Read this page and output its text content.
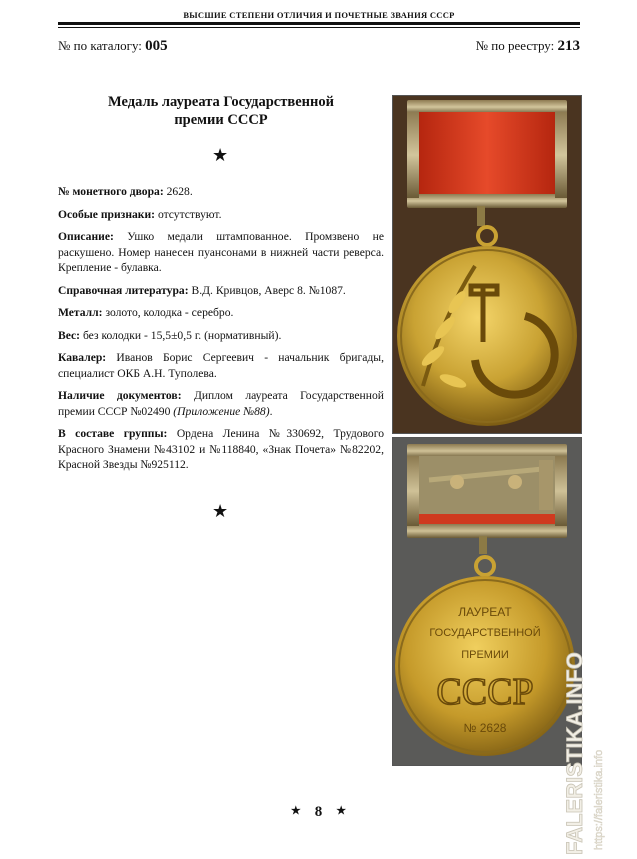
ВЫСШИЕ СТЕПЕНИ ОТЛИЧИЯ И ПОЧЕТНЫЕ ЗВАНИЯ СССР
№ по каталогу: 005	№ по реестру: 213
Медаль лауреата Государственной
премии СССР
★

№ монетного двора: 2628.

Особые признаки: отсутствуют.

Описание: Ушко медали штампованное. Промзвено не раскушено. Номер нанесен пуансонами в нижней части реверса. Крепление - булавка.

Справочная литература: В.Д. Кривцов, Аверс 8. №1087.

Металл: золото, колодка - серебро.

Вес: без колодки - 15,5±0,5 г. (нормативный).

Кавалер: Иванов Борис Сергеевич - начальник бригады, специалист ОКБ А.Н. Туполева.

Наличие документов: Диплом лауреата Государственной премии СССР №02490 (Приложение №88).

В составе группы: Ордена Ленина №330692, Трудового Красного Знамени №43102 и №118840, «Знак Почета» №82202, Красной Звезды №925112.

★
ЛАУРЕАТ
ГОСУДАРСТВЕННОЙ
ПРЕМИИ
СССР
№ 2628	FALERISTIKA.INFO https://faleristika.info
★ 8 ★
